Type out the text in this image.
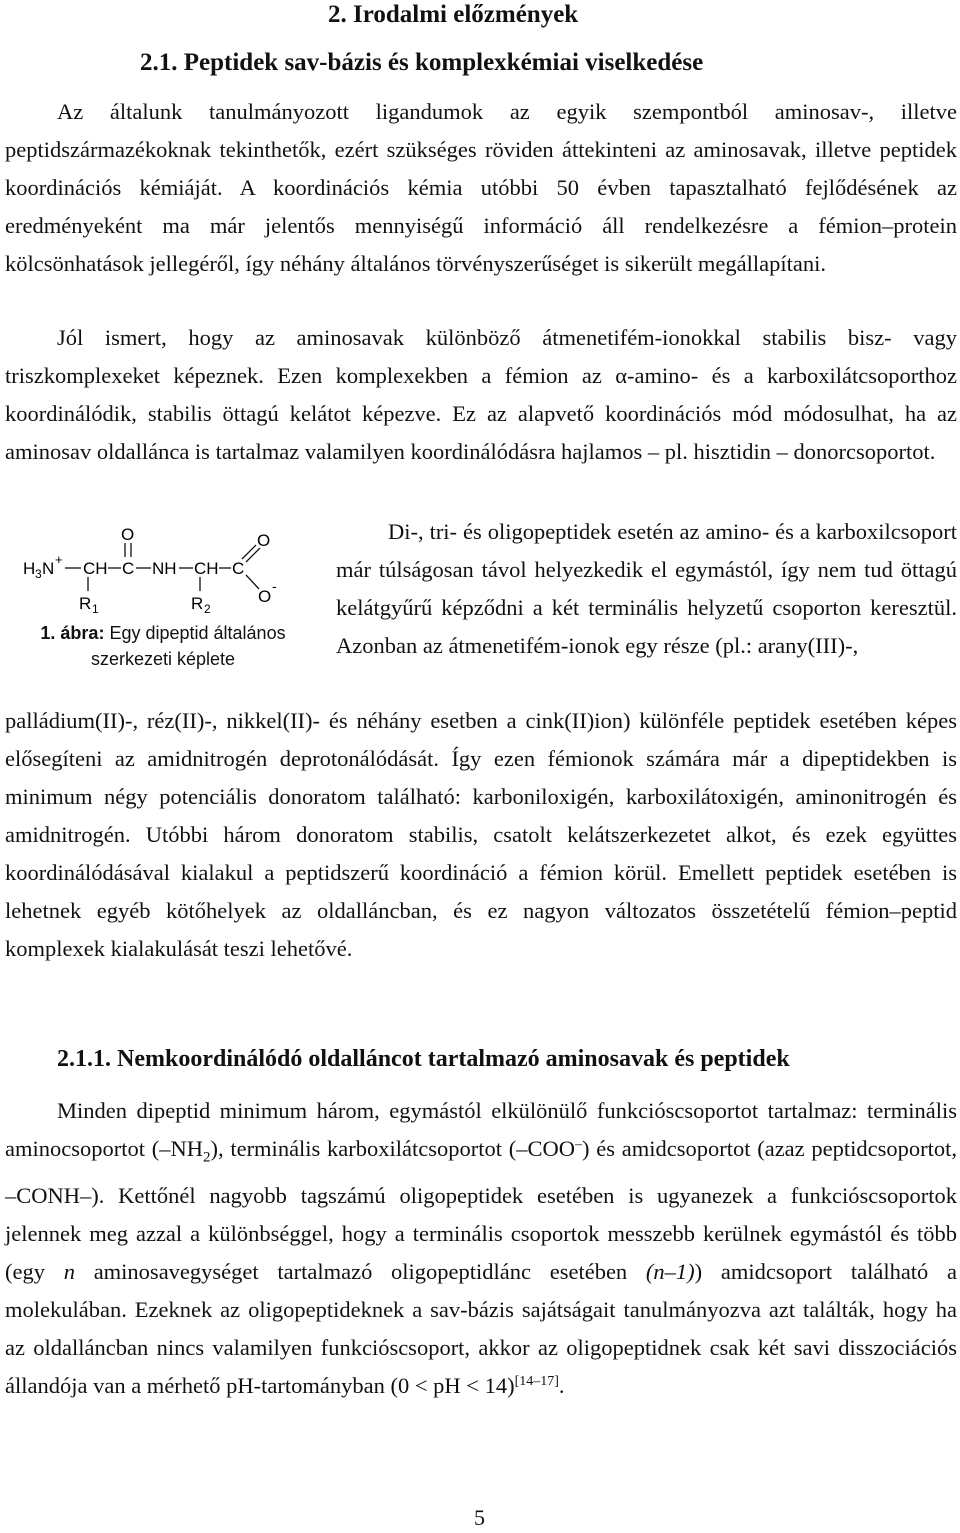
2. Irodalmi előzmények
2.1. Peptidek sav-bázis és komplexkémiai viselkedése
Az általunk tanulmányozott ligandumok az egyik szempontból aminosav-, illetve peptidszármazékoknak tekinthetők, ezért szükséges röviden áttekinteni az aminosavak, illetve peptidek koordinációs kémiáját. A koordinációs kémia utóbbi 50 évben tapasztalható fejlődésének az eredményeként ma már jelentős mennyiségű információ áll rendelkezésre a fémion–protein kölcsönhatások jellegéről, így néhány általános törvényszerűséget is sikerült megállapítani.
Jól ismert, hogy az aminosavak különböző átmenetifém-ionokkal stabilis bisz- vagy triszkomplexeket képeznek. Ezen komplexekben a fémion az α-amino- és a karboxilátcsoporthoz koordinálódik, stabilis öttagú kelátot képezve. Ez az alapvető koordinációs mód módosulhat, ha az aminosav oldallánca is tartalmaz valamilyen koordinálódásra hajlamos – pl. hisztidin – donorcsoportot.
H 3 N + CH C
O
NH CH C
O
O
-
R 1	R 2
1. ábra: Egy dipeptid általános szerkezeti képlete
Di-, tri- és oligopeptidek esetén az amino- és a karboxilcsoport már túlságosan távol helyezkedik el egymástól, így nem tud öttagú kelátgyűrű képződni a két terminális helyzetű csoporton keresztül. Azonban az átmenetifém-ionok egy része (pl.: arany(III)-,
palládium(II)-, réz(II)-, nikkel(II)- és néhány esetben a cink(II)ion) különféle peptidek esetében képes elősegíteni az amidnitrogén deprotonálódását. Így ezen fémionok számára már a dipeptidekben is minimum négy potenciális donoratom található: karboniloxigén, karboxilátoxigén, aminonitrogén és amidnitrogén. Utóbbi három donoratom stabilis, csatolt kelátszerkezetet alkot, és ezek együttes koordinálódásával kialakul a peptidszerű koordináció a fémion körül. Emellett peptidek esetében is lehetnek egyéb kötőhelyek az oldalláncban, és ez nagyon változatos összetételű fémion–peptid komplexek kialakulását teszi lehetővé.
2.1.1. Nemkoordinálódó oldalláncot tartalmazó aminosavak és peptidek
Minden dipeptid minimum három, egymástól elkülönülő funkcióscsoportot tartalmaz: terminális aminocsoportot $(-NH_2)$, terminális karboxilátcsoportot (–COO–) és amidcsoportot (azaz peptidcsoportot, –CONH–). Kettőnél nagyobb tagszámú oligopeptidek esetében is ugyanezek a funkcióscsoportok jelennek meg azzal a különbséggel, hogy a terminális csoportok messzebb kerülnek egymástól és több (egy n aminosavegységet tartalmazó oligopeptidlánc esetében (n–1)) amidcsoport található a molekulában. Ezeknek az oligopeptideknek a sav-bázis sajátságait tanulmányozva azt találták, hogy ha az oldalláncban nincs valamilyen funkcióscsoport, akkor az oligopeptidnek csak két savi disszociációs állandója van a mérhető pH-tartományban (0 < pH < 14)[14–17].
5
